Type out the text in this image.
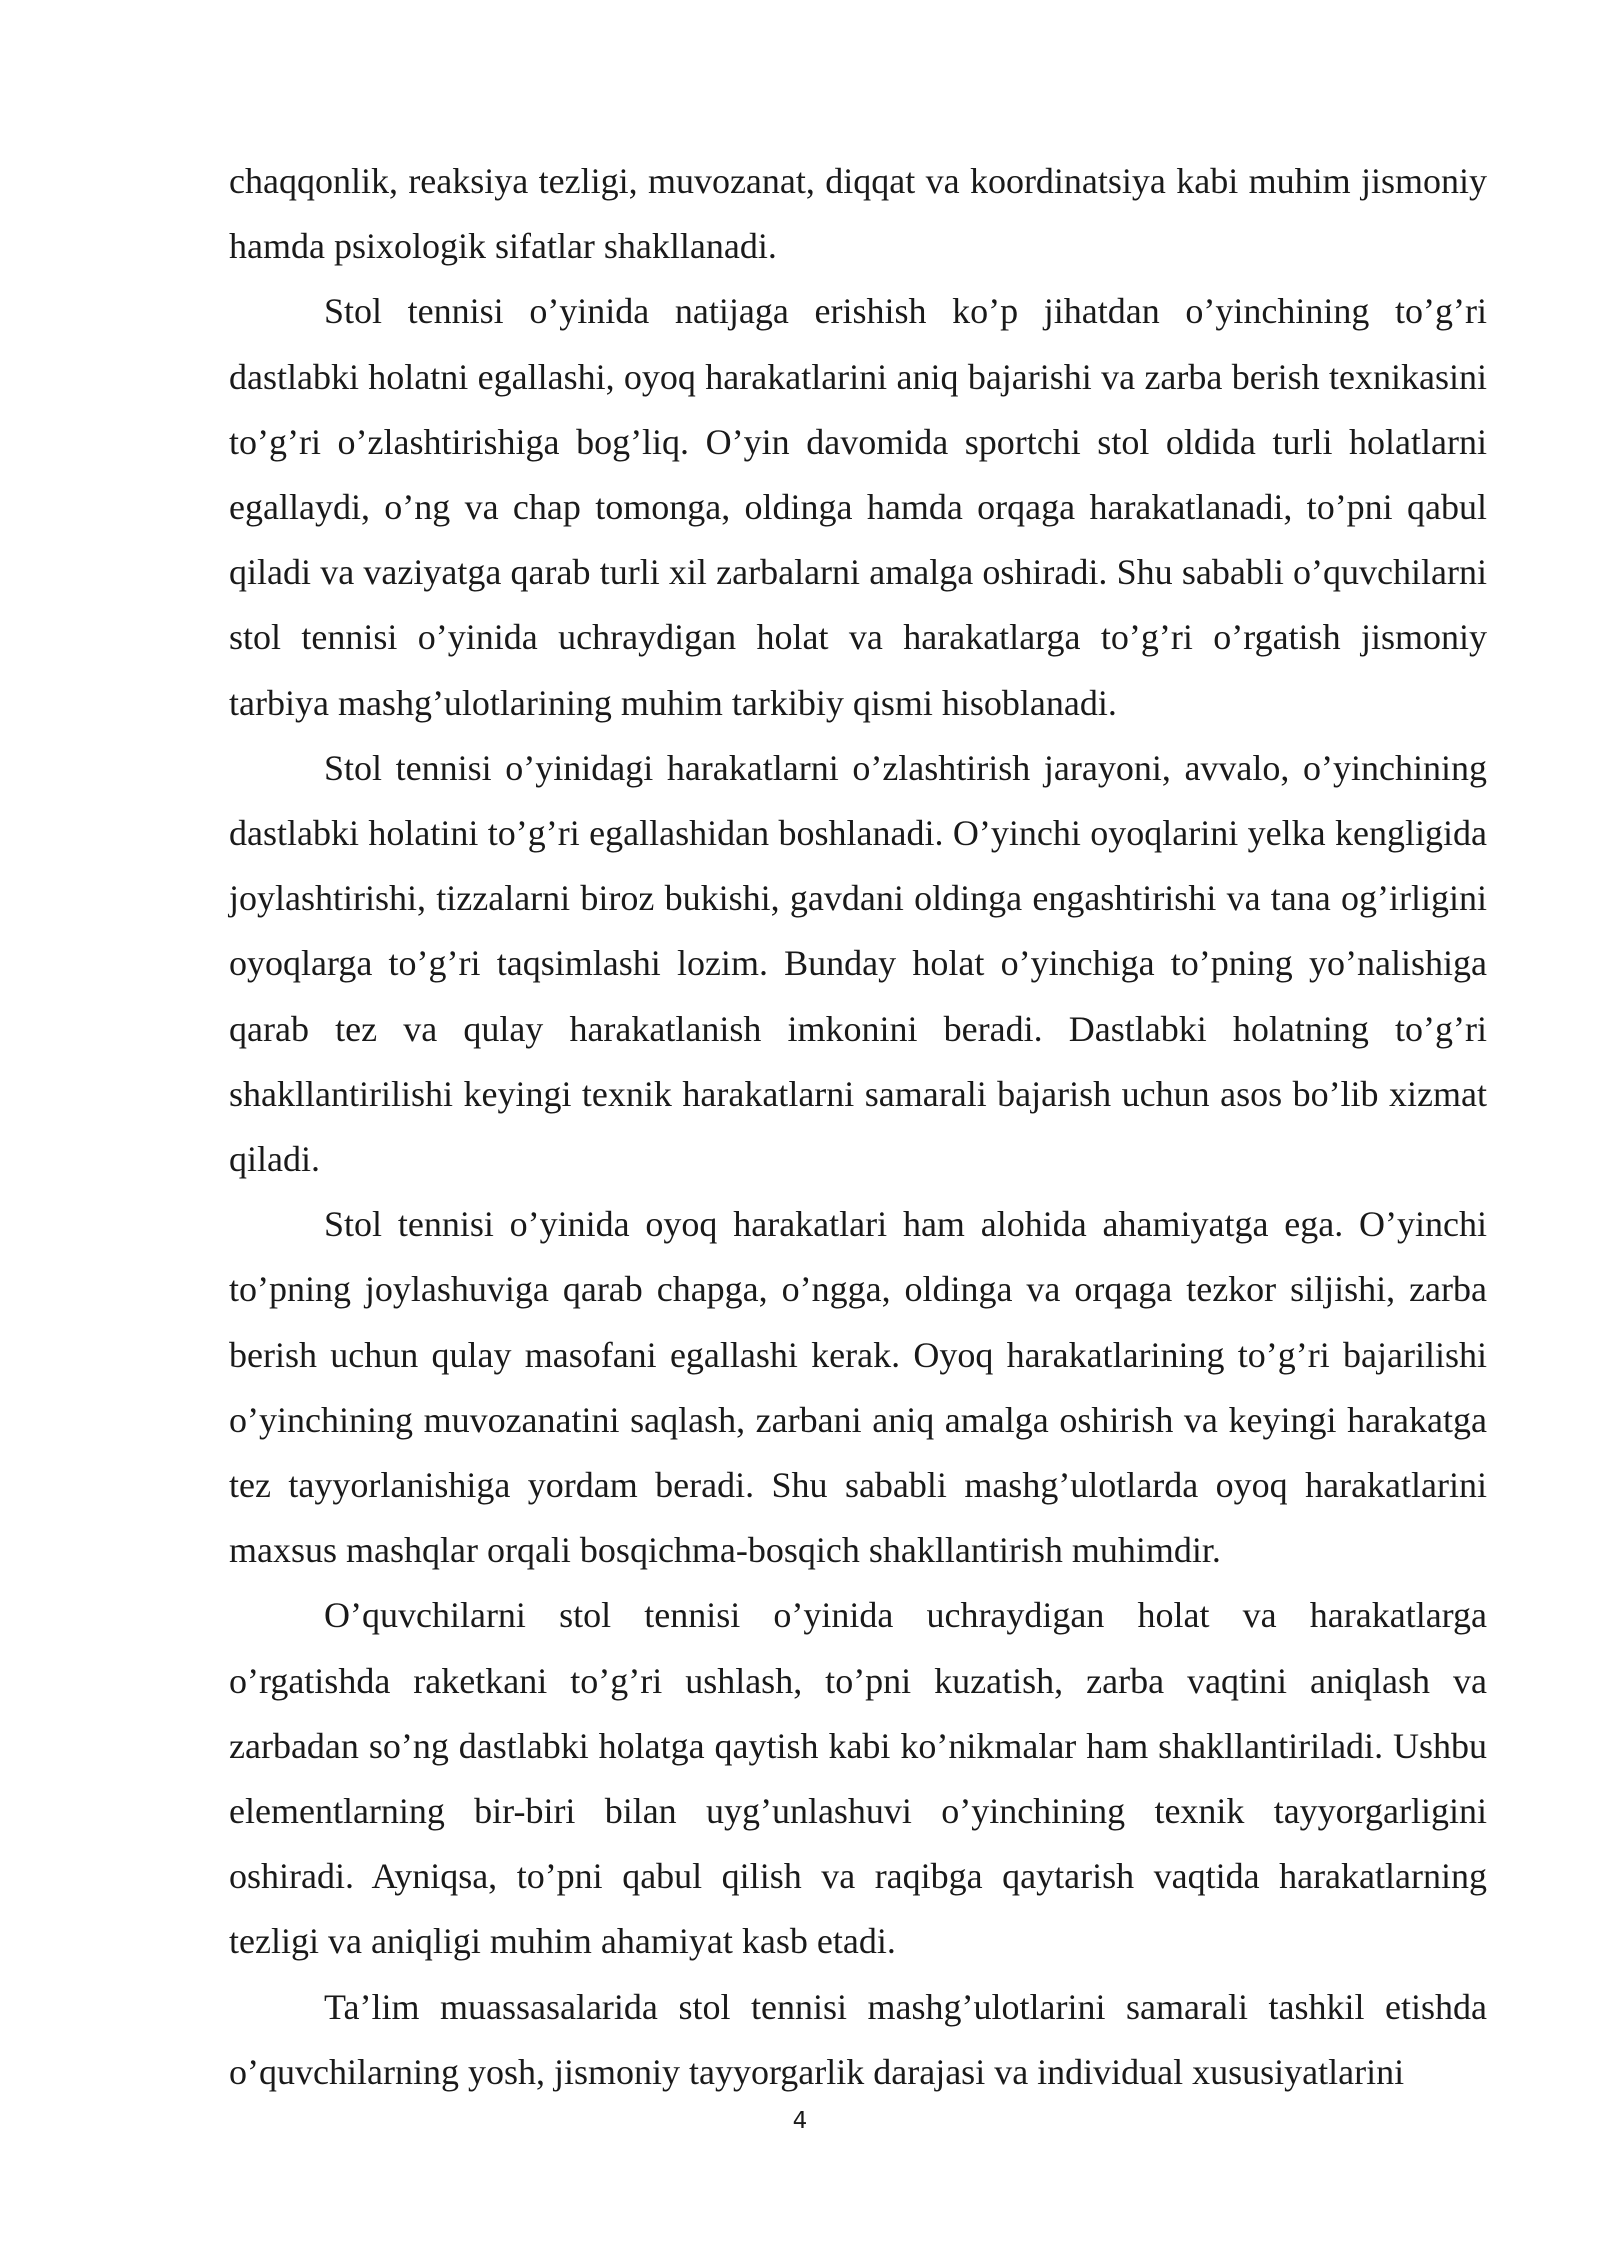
chaqqonlik, reaksiya tezligi, muvozanat, diqqat va koordinatsiya kabi muhim jismoniy hamda psixologik sifatlar shakllanadi.

Stol tennisi o’yinida natijaga erishish ko’p jihatdan o’yinchining to’g’ri dastlabki holatni egallashi, oyoq harakatlarini aniq bajarishi va zarba berish texnikasini to’g’ri o’zlashtirishiga bog’liq. O’yin davomida sportchi stol oldida turli holatlarni egallaydi, o’ng va chap tomonga, oldinga hamda orqaga harakatlanadi, to’pni qabul qiladi va vaziyatga qarab turli xil zarbalarni amalga oshiradi. Shu sababli o’quvchilarni stol tennisi o’yinida uchraydigan holat va harakatlarga to’g’ri o’rgatish jismoniy tarbiya mashg’ulotlarining muhim tarkibiy qismi hisoblanadi.

Stol tennisi o’yinidagi harakatlarni o’zlashtirish jarayoni, avvalo, o’yinchining dastlabki holatini to’g’ri egallashidan boshlanadi. O’yinchi oyoqlarini yelka kengligida joylashtirishi, tizzalarni biroz bukishi, gavdani oldinga engashtirishi va tana og’irligini oyoqlarga to’g’ri taqsimlashi lozim. Bunday holat o’yinchiga to’pning yo’nalishiga qarab tez va qulay harakatlanish imkonini beradi. Dastlabki holatning to’g’ri shakllantirilishi keyingi texnik harakatlarni samarali bajarish uchun asos bo’lib xizmat qiladi.

Stol tennisi o’yinida oyoq harakatlari ham alohida ahamiyatga ega. O’yinchi to’pning joylashuviga qarab chapga, o’ngga, oldinga va orqaga tezkor siljishi, zarba berish uchun qulay masofani egallashi kerak. Oyoq harakatlarining to’g’ri bajarilishi o’yinchining muvozanatini saqlash, zarbani aniq amalga oshirish va keyingi harakatga tez tayyorlanishiga yordam beradi. Shu sababli mashg’ulotlarda oyoq harakatlarini maxsus mashqlar orqali bosqichma-bosqich shakllantirish muhimdir.

O’quvchilarni stol tennisi o’yinida uchraydigan holat va harakatlarga o’rgatishda raketkani to’g’ri ushlash, to’pni kuzatish, zarba vaqtini aniqlash va zarbadan so’ng dastlabki holatga qaytish kabi ko’nikmalar ham shakllantiriladi. Ushbu elementlarning bir-biri bilan uyg’unlashuvi o’yinchining texnik tayyorgarligini oshiradi. Ayniqsa, to’pni qabul qilish va raqibga qaytarish vaqtida harakatlarning tezligi va aniqligi muhim ahamiyat kasb etadi.

Ta’lim muassasalarida stol tennisi mashg’ulotlarini samarali tashkil etishda o’quvchilarning yosh, jismoniy tayyorgarlik darajasi va individual xususiyatlarini

4
